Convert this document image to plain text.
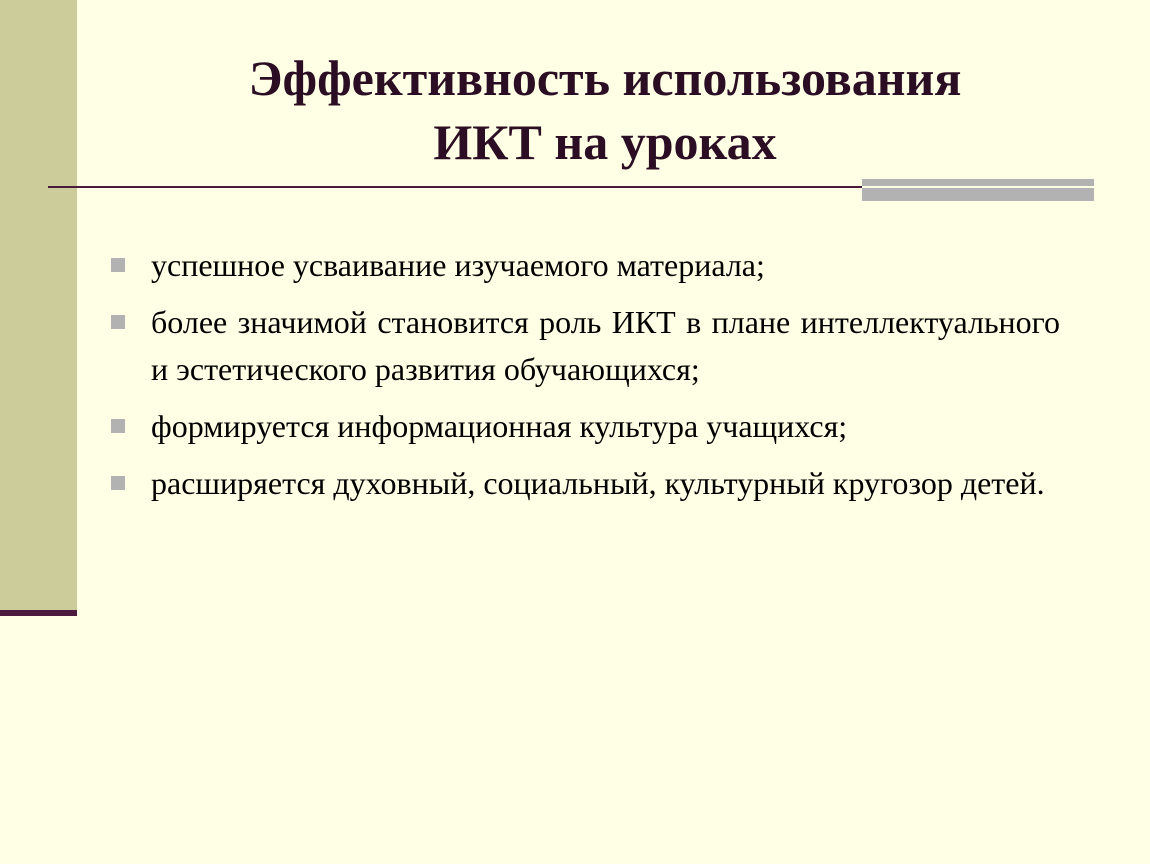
Эффективность использования
ИКТ на уроках
успешное усваивание изучаемого материала;
более значимой становится роль ИКТ в плане интеллектуального и эстетического развития обучающихся;
формируется информационная культура учащихся;
расширяется духовный, социальный, культурный кругозор детей.
